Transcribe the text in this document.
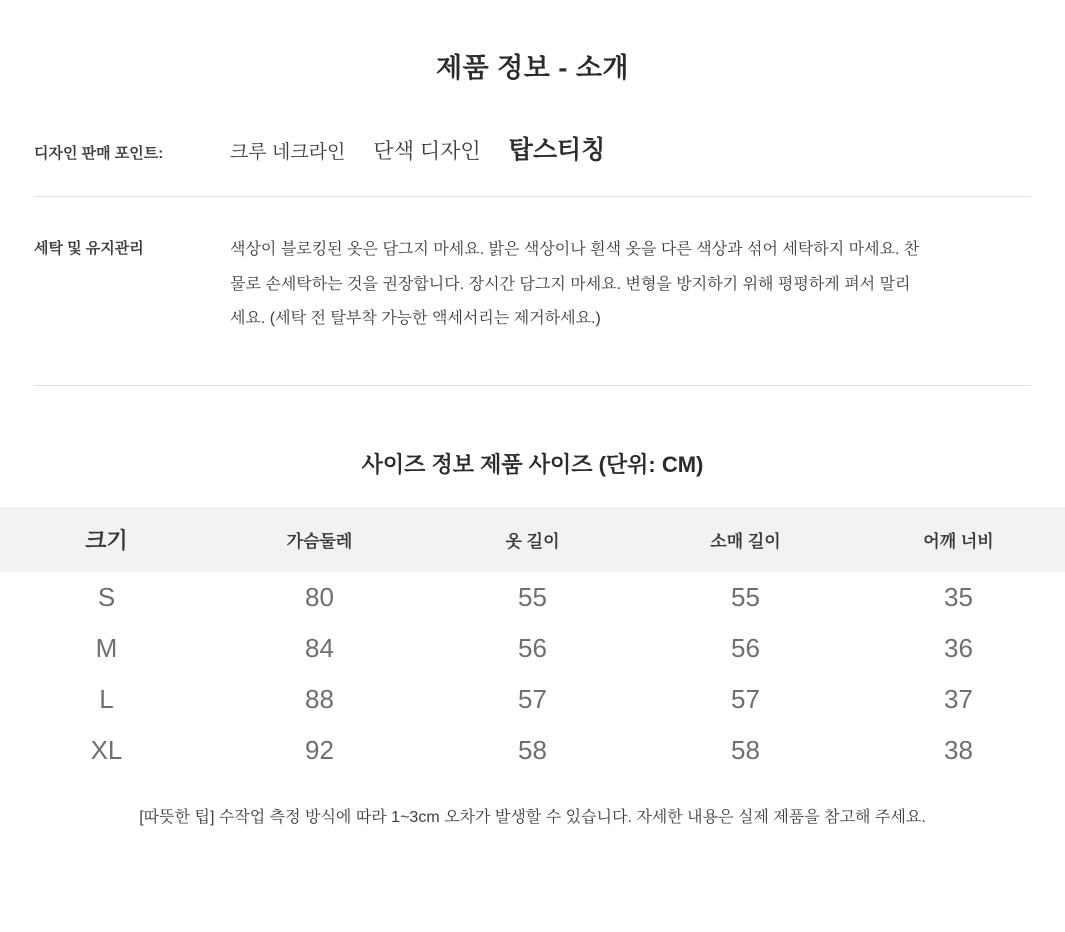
제품 정보 - 소개
디자인 판매 포인트:	크루 네크라인 단색 디자인 탑스티칭
세탁 및 유지관리	색상이 블로킹된 옷은 담그지 마세요. 밝은 색상이나 흰색 옷을 다른 색상과 섞어 세탁하지 마세요. 찬물로 손세탁하는 것을 권장합니다. 장시간 담그지 마세요. 변형을 방지하기 위해 평평하게 펴서 말리세요. (세탁 전 탈부착 가능한 액세서리는 제거하세요.)
사이즈 정보 제품 사이즈 (단위: CM)
크기	가슴둘레	옷 길이	소매 길이	어깨 너비
S	80	55	55	35
M	84	56	56	36
L	88	57	57	37
XL	92	58	58	38
[따뜻한 팁] 수작업 측정 방식에 따라 1~3cm 오차가 발생할 수 있습니다. 자세한 내용은 실제 제품을 참고해 주세요.
